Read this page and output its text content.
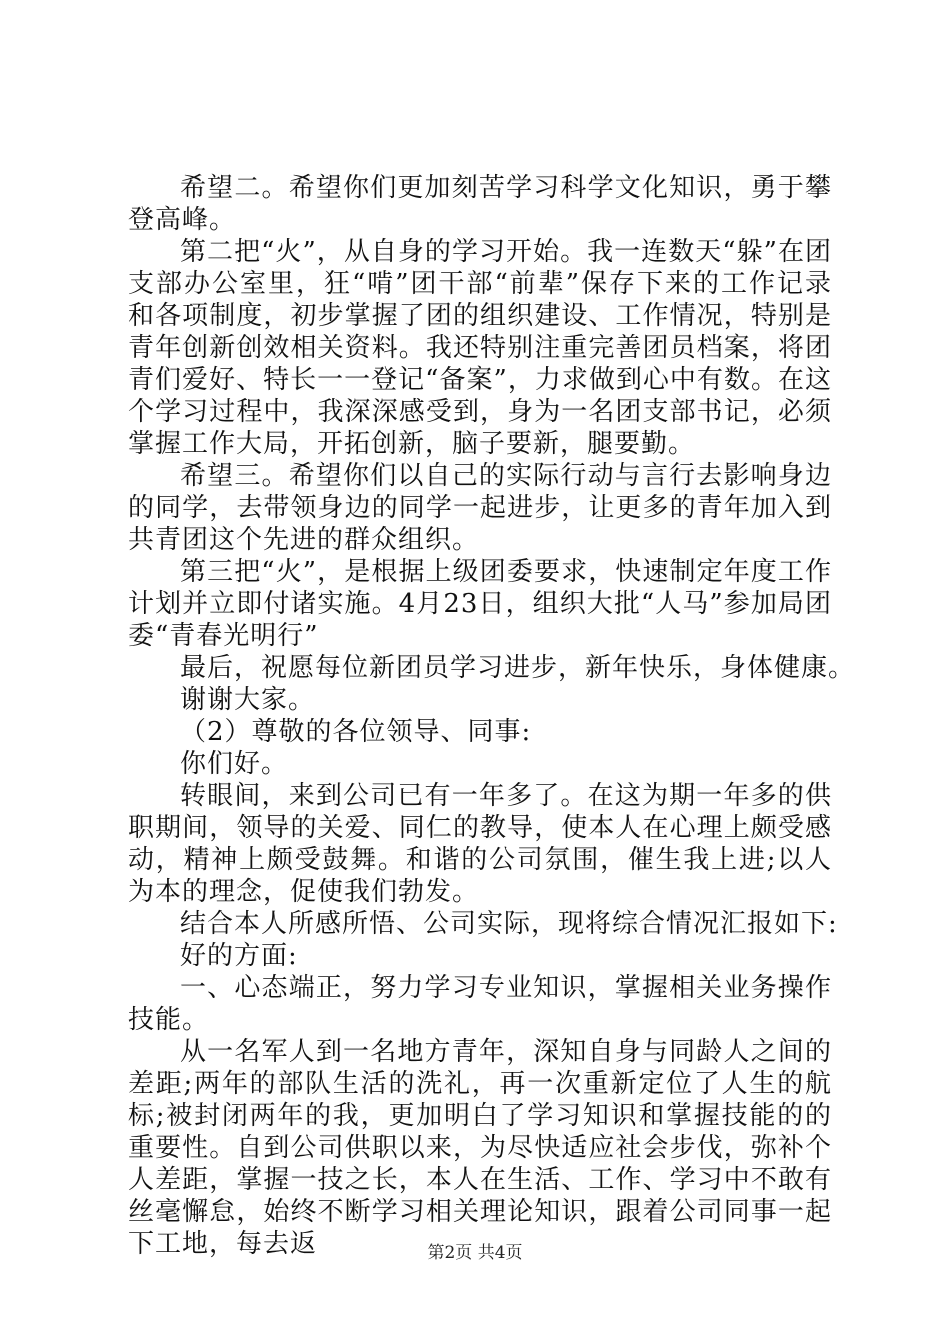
希望二。希望你们更加刻苦学习科学文化知识，勇于攀登高峰。

第二把“火”，从自身的学习开始。我一连数天“躲”在团支部办公室里，狂“啃”团干部“前辈”保存下来的工作记录和各项制度，初步掌握了团的组织建设、工作情况，特别是青年创新创效相关资料。我还特别注重完善团员档案，将团青们爱好、特长一一登记“备案”，力求做到心中有数。在这个学习过程中，我深深感受到，身为一名团支部书记，必须掌握工作大局，开拓创新，脑子要新，腿要勤。

希望三。希望你们以自己的实际行动与言行去影响身边的同学，去带领身边的同学一起进步，让更多的青年加入到共青团这个先进的群众组织。

第三把“火”，是根据上级团委要求，快速制定年度工作计划并立即付诸实施。4月23日，组织大批“人马”参加局团委“青春光明行”

最后，祝愿每位新团员学习进步，新年快乐，身体健康。

谢谢大家。

（2）尊敬的各位领导、同事:

你们好。

转眼间，来到公司已有一年多了。在这为期一年多的供职期间，领导的关爱、同仁的教导，使本人在心理上颇受感动，精神上颇受鼓舞。和谐的公司氛围，催生我上进;以人为本的理念，促使我们勃发。

结合本人所感所悟、公司实际，现将综合情况汇报如下:

好的方面:

一、心态端正，努力学习专业知识，掌握相关业务操作技能。

从一名军人到一名地方青年，深知自身与同龄人之间的差距;两年的部队生活的洗礼，再一次重新定位了人生的航标;被封闭两年的我，更加明白了学习知识和掌握技能的的重要性。自到公司供职以来，为尽快适应社会步伐，弥补个人差距，掌握一技之长，本人在生活、工作、学习中不敢有丝毫懈怠，始终不断学习相关理论知识，跟着公司同事一起下工地，每去返	第2页 共4页
